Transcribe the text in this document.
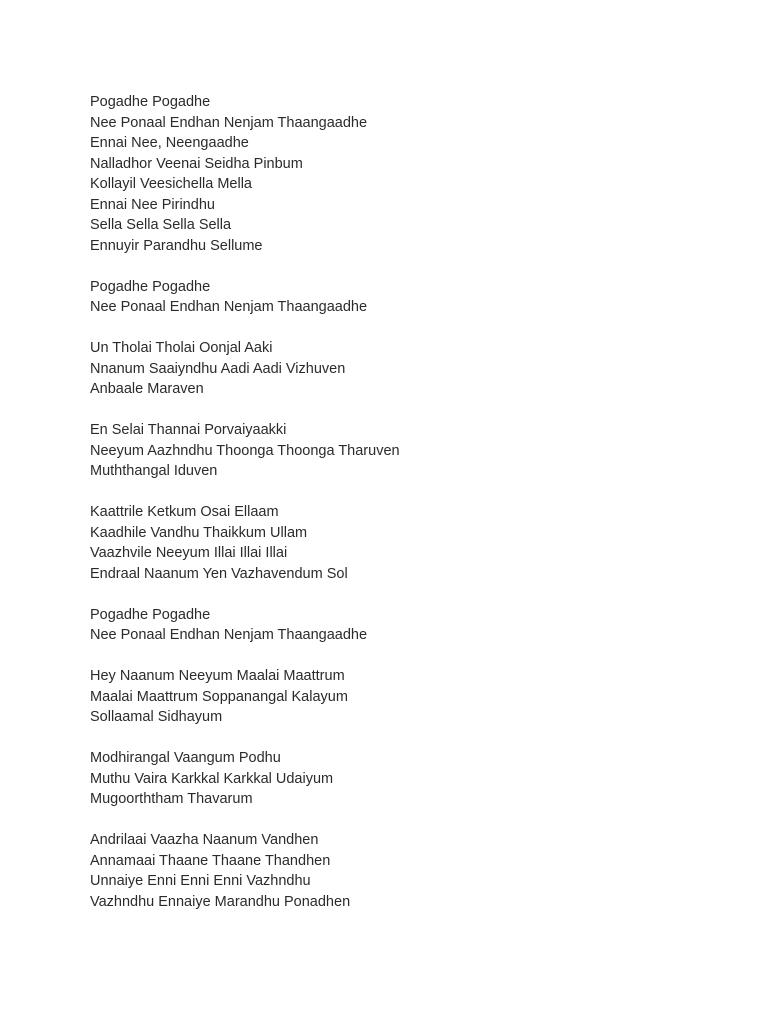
Pogadhe Pogadhe
Nee Ponaal Endhan Nenjam Thaangaadhe
Ennai Nee, Neengaadhe
Nalladhor Veenai Seidha Pinbum
Kollayil Veesichella Mella
Ennai Nee Pirindhu
Sella Sella Sella Sella
Ennuyir Parandhu Sellume
Pogadhe Pogadhe
Nee Ponaal Endhan Nenjam Thaangaadhe
Un Tholai Tholai Oonjal Aaki
Nnanum Saaiyndhu Aadi Aadi Vizhuven
Anbaale Maraven
En Selai Thannai Porvaiyaakki
Neeyum Aazhndhu Thoonga Thoonga Tharuven
Muththangal Iduven
Kaattrile Ketkum Osai Ellaam
Kaadhile Vandhu Thaikkum Ullam
Vaazhvile Neeyum Illai Illai Illai
Endraal Naanum Yen Vazhavendum Sol
Pogadhe Pogadhe
Nee Ponaal Endhan Nenjam Thaangaadhe
Hey Naanum Neeyum Maalai Maattrum
Maalai Maattrum Soppanangal Kalayum
Sollaamal Sidhayum
Modhirangal Vaangum Podhu
Muthu Vaira Karkkal Karkkal Udaiyum
Mugoorththam Thavarum
Andrilaai Vaazha Naanum Vandhen
Annamaai Thaane Thaane Thandhen
Unnaiye Enni Enni Enni Vazhndhu
Vazhndhu Ennaiye Marandhu Ponadhen
